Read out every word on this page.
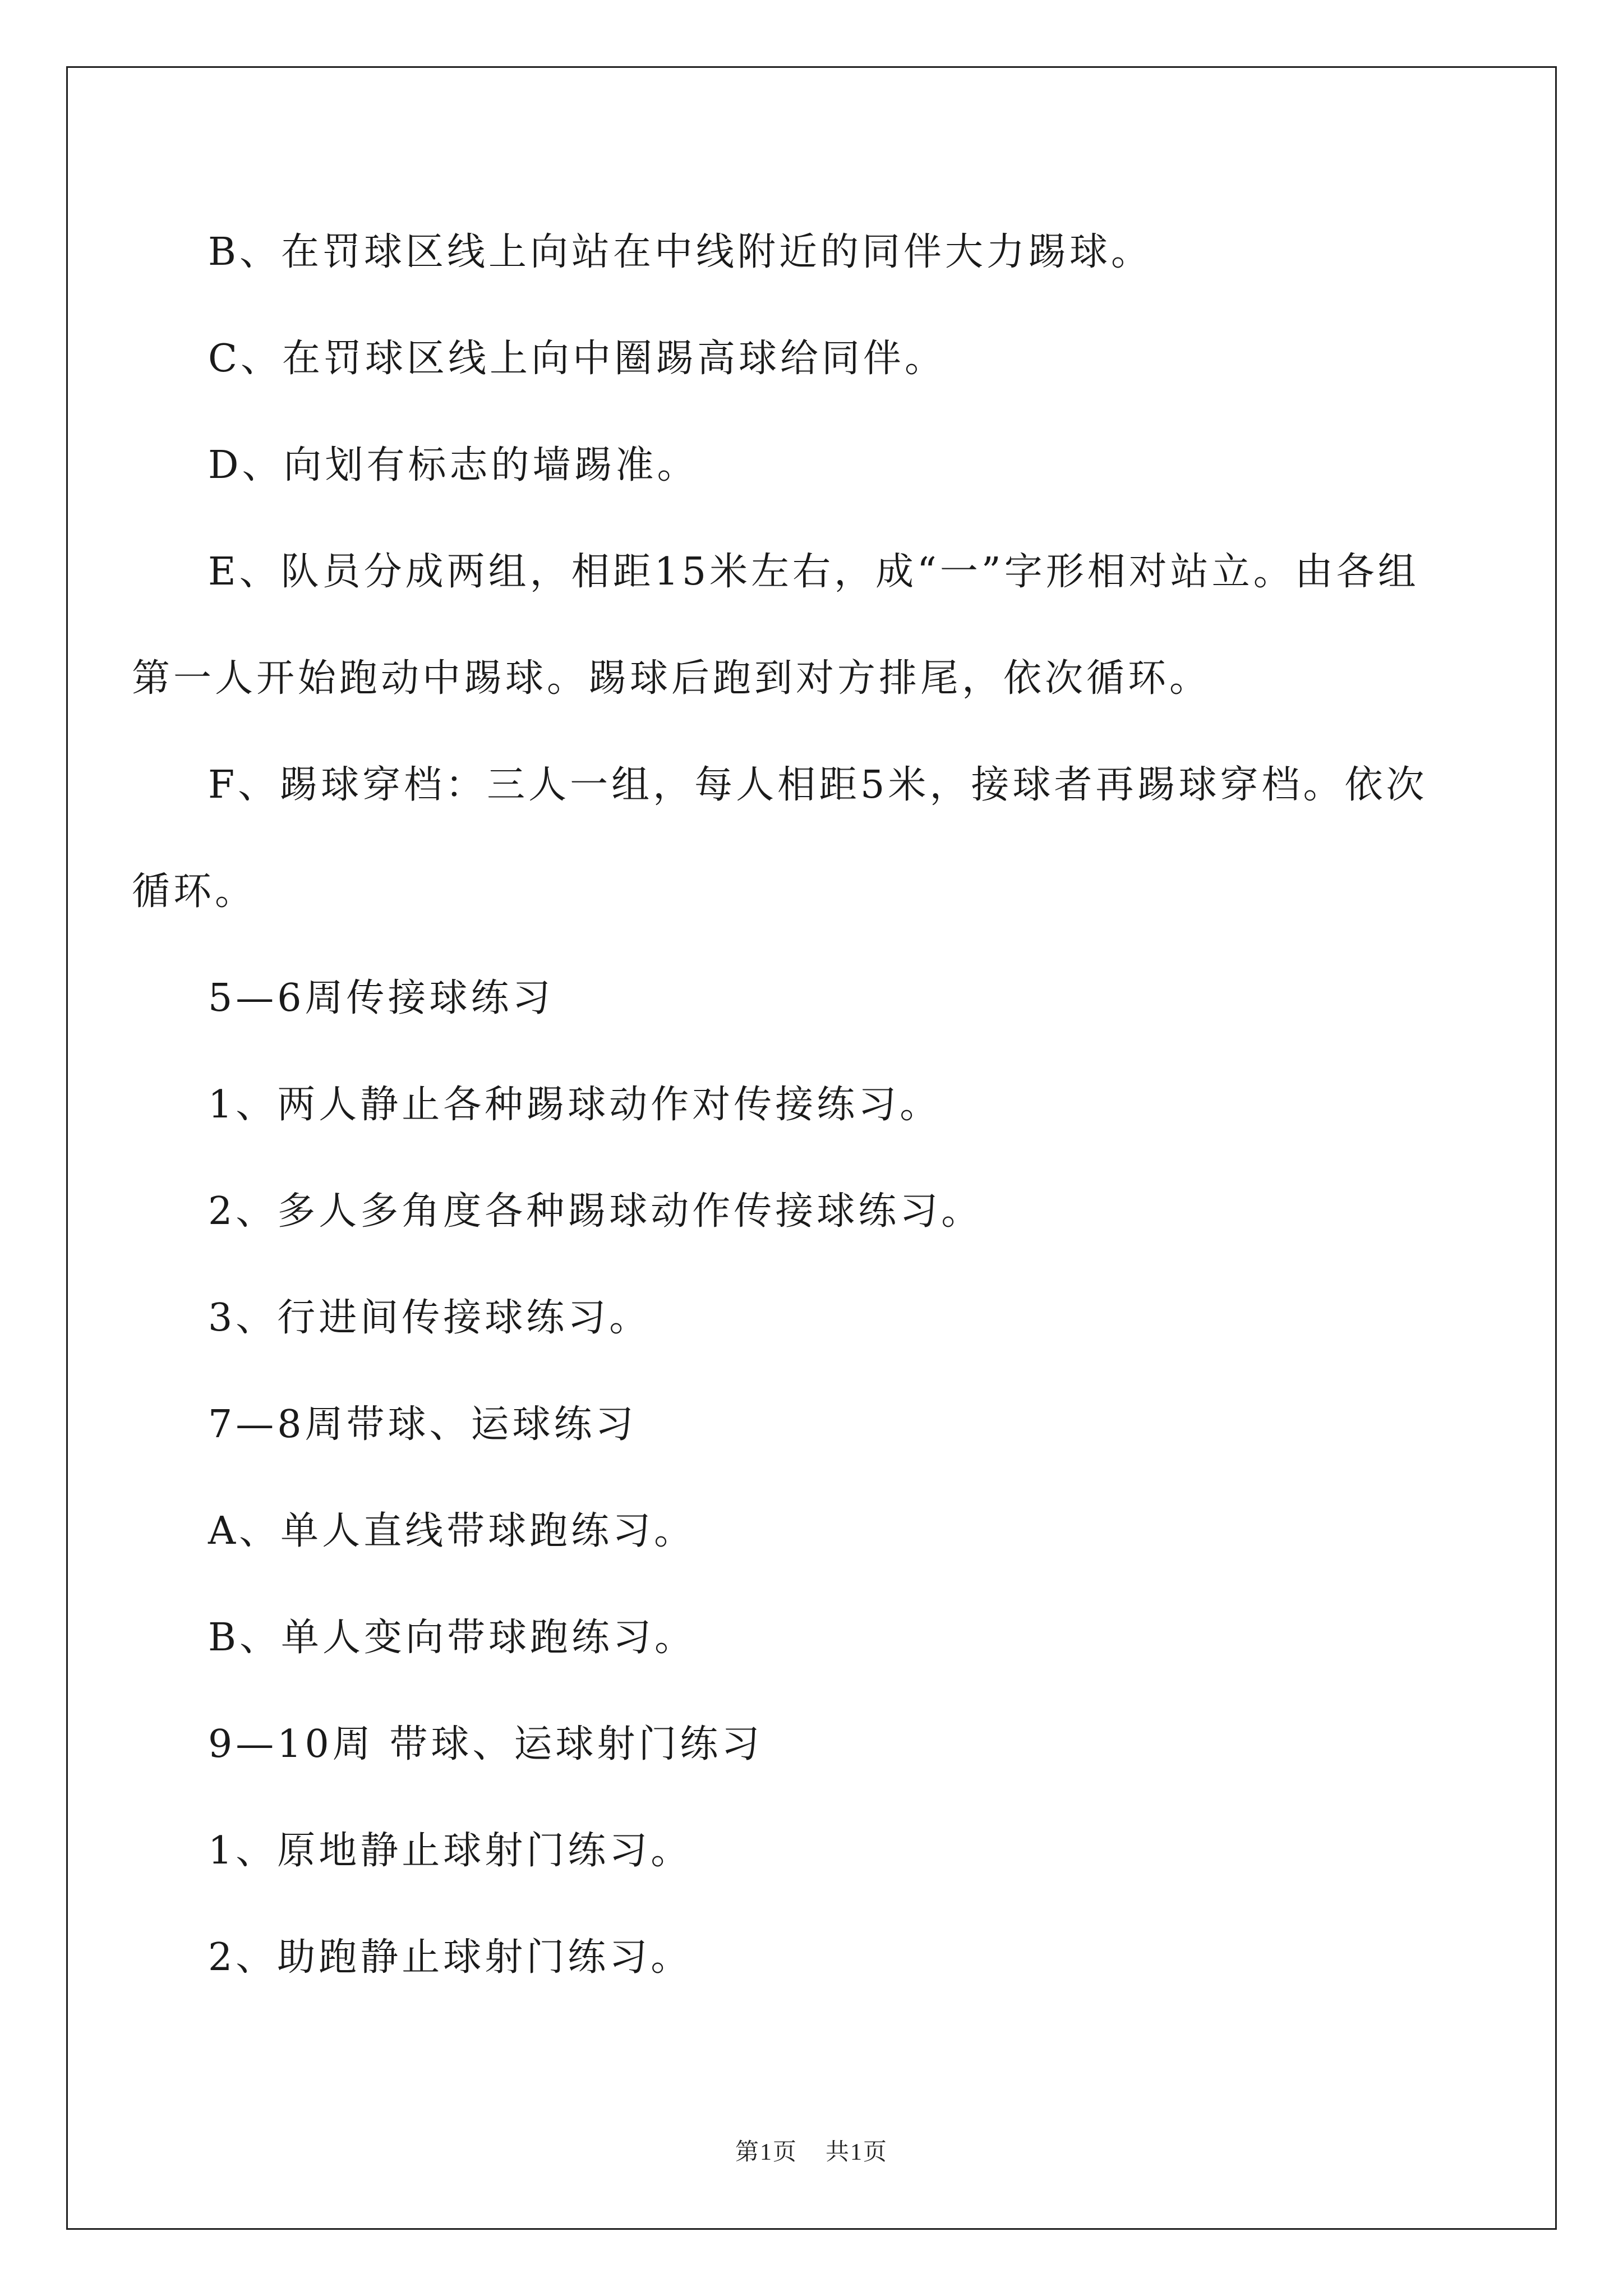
B、在罚球区线上向站在中线附近的同伴大力踢球。

C、在罚球区线上向中圈踢高球给同伴。

D、向划有标志的墙踢准。

E、队员分成两组，相距15米左右，成“一”字形相对站立。由各组第一人开始跑动中踢球。踢球后跑到对方排尾，依次循环。

F、踢球穿档：三人一组，每人相距5米，接球者再踢球穿档。依次循环。

5—6周传接球练习

1、两人静止各种踢球动作对传接练习。

2、多人多角度各种踢球动作传接球练习。

3、行进间传接球练习。

7—8周带球、运球练习

A、单人直线带球跑练习。

B、单人变向带球跑练习。

9—10周 带球、运球射门练习

1、原地静止球射门练习。

2、助跑静止球射门练习。

第1页 共1页
